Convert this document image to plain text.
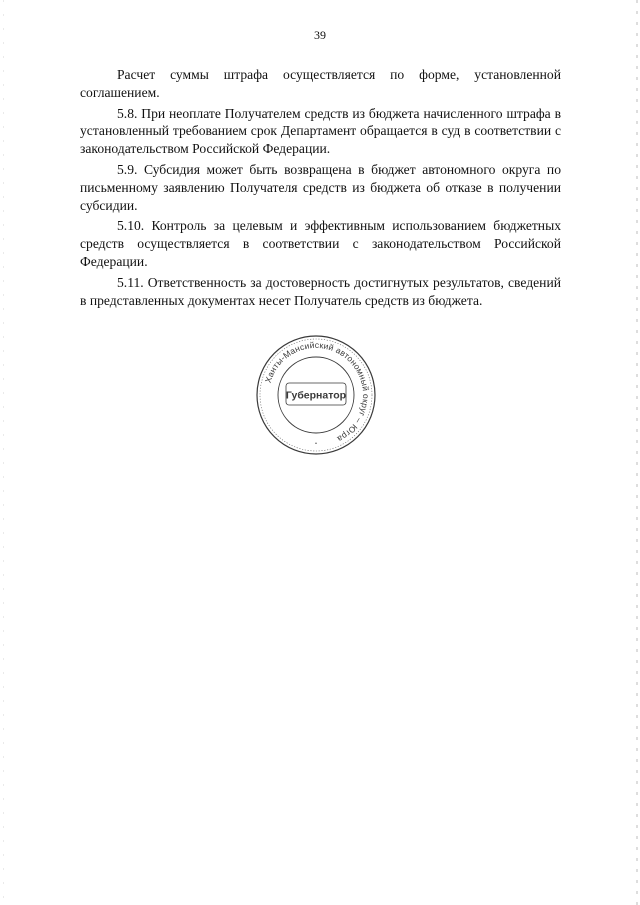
39

Расчет суммы штрафа осуществляется по форме, установленной соглашением.

5.8. При неоплате Получателем средств из бюджета начисленного штрафа в установленный требованием срок Департамент обращается в суд в соответствии с законодательством Российской Федерации.

5.9. Субсидия может быть возвращена в бюджет автономного округа по письменному заявлению Получателя средств из бюджета об отказе в получении субсидии.

5.10. Контроль за целевым и эффективным использованием бюджетных средств осуществляется в соответствии с законодательством Российской Федерации.

5.11. Ответственность за достоверность достигнутых результатов, сведений в представленных документах несет Получатель средств из бюджета.

Ханты-Мансийский автономный округ – Югра
Губернатор
•
